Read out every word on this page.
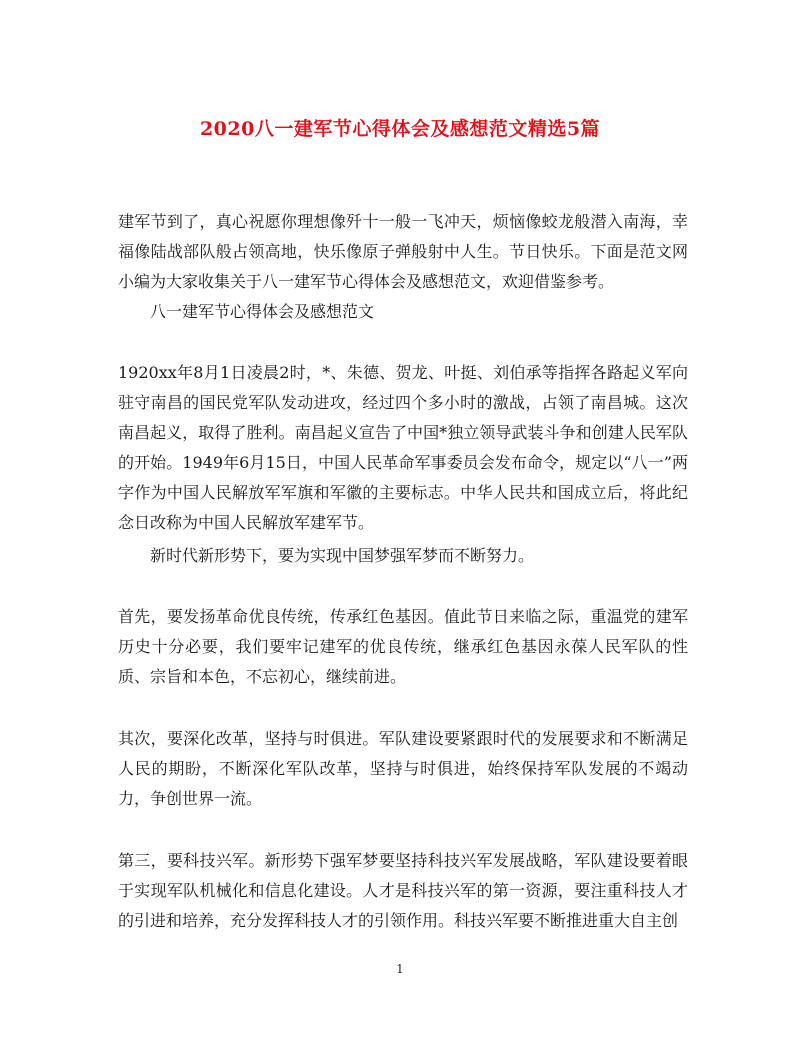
2020八一建军节心得体会及感想范文精选5篇
建军节到了，真心祝愿你理想像歼十一般一飞冲天，烦恼像蛟龙般潜入南海，幸福像陆战部队般占领高地，快乐像原子弹般射中人生。节日快乐。下面是范文网小编为大家收集关于八一建军节心得体会及感想范文，欢迎借鉴参考。
八一建军节心得体会及感想范文
1920xx年8月1日凌晨2时，*、朱德、贺龙、叶挺、刘伯承等指挥各路起义军向驻守南昌的国民党军队发动进攻，经过四个多小时的激战，占领了南昌城。这次南昌起义，取得了胜利。南昌起义宣告了中国*独立领导武装斗争和创建人民军队的开始。1949年6月15日，中国人民革命军事委员会发布命令，规定以“八一”两字作为中国人民解放军军旗和军徽的主要标志。中华人民共和国成立后，将此纪念日改称为中国人民解放军建军节。
新时代新形势下，要为实现中国梦强军梦而不断努力。
首先，要发扬革命优良传统，传承红色基因。值此节日来临之际，重温党的建军历史十分必要，我们要牢记建军的优良传统，继承红色基因永葆人民军队的性质、宗旨和本色，不忘初心，继续前进。
其次，要深化改革，坚持与时俱进。军队建设要紧跟时代的发展要求和不断满足人民的期盼，不断深化军队改革，坚持与时俱进，始终保持军队发展的不竭动力，争创世界一流。
第三，要科技兴军。新形势下强军梦要坚持科技兴军发展战略，军队建设要着眼于实现军队机械化和信息化建设。人才是科技兴军的第一资源，要注重科技人才的引进和培养，充分发挥科技人才的引领作用。科技兴军要不断推进重大自主创
1
